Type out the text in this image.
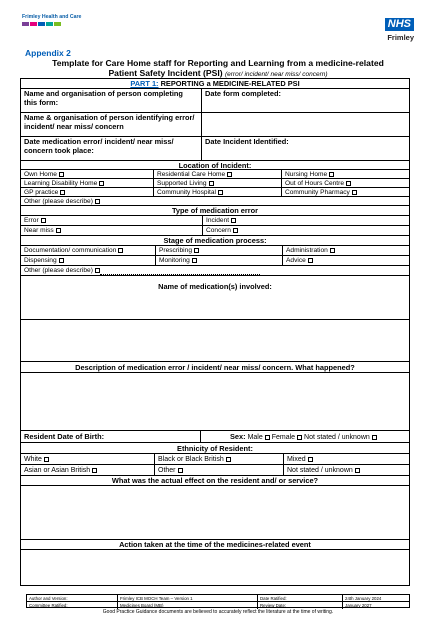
Frimley Health and Care
NHS
Frimley
Appendix 2
Template for Care Home staff for Reporting and Learning from a medicine-related
Patient Safety Incident (PSI) (error/ incident/ near miss/ concern)
PART 1: REPORTING a MEDICINE-RELATED PSI
Name and organisation of person completing this form:
Date form completed:
Name & organisation of person identifying error/ incident/ near miss/ concern
Date medication error/ incident/ near miss/ concern took place:
Date Incident Identified:
Location of Incident:
Own Home	Residential Care Home	Nursing Home
Learning Disability Home	Supported Living	Out of Hours Centre
GP practice	Community Hospital	Community Pharmacy
Other (please describe)
Type of medication error
Error	Incident
Near miss	Concern
Stage of medication process:
Documentation/ communication	Prescribing	Administration
Dispensing	Monitoring	Advice
Other (please describe)
Name of medication(s) involved:
Description of medication error / incident/ near miss/ concern. What happened?
Resident Date of Birth:	Sex: Male Female Not stated / unknown
Ethnicity of Resident:
White	Black or Black British	Mixed
Asian or Asian British	Other	Not stated / unknown
What was the actual effect on the resident and/ or service?
Action taken at the time of the medicines-related event
Author and Version:	Frimley ICB MOCH Team – Version 1	Date Ratified:	24th January 2024
Committee Ratified:	Medicines Board (MB)	Review Date:	January 2027
Good Practice Guidance documents are believed to accurately reflect the literature at the time of writing.
